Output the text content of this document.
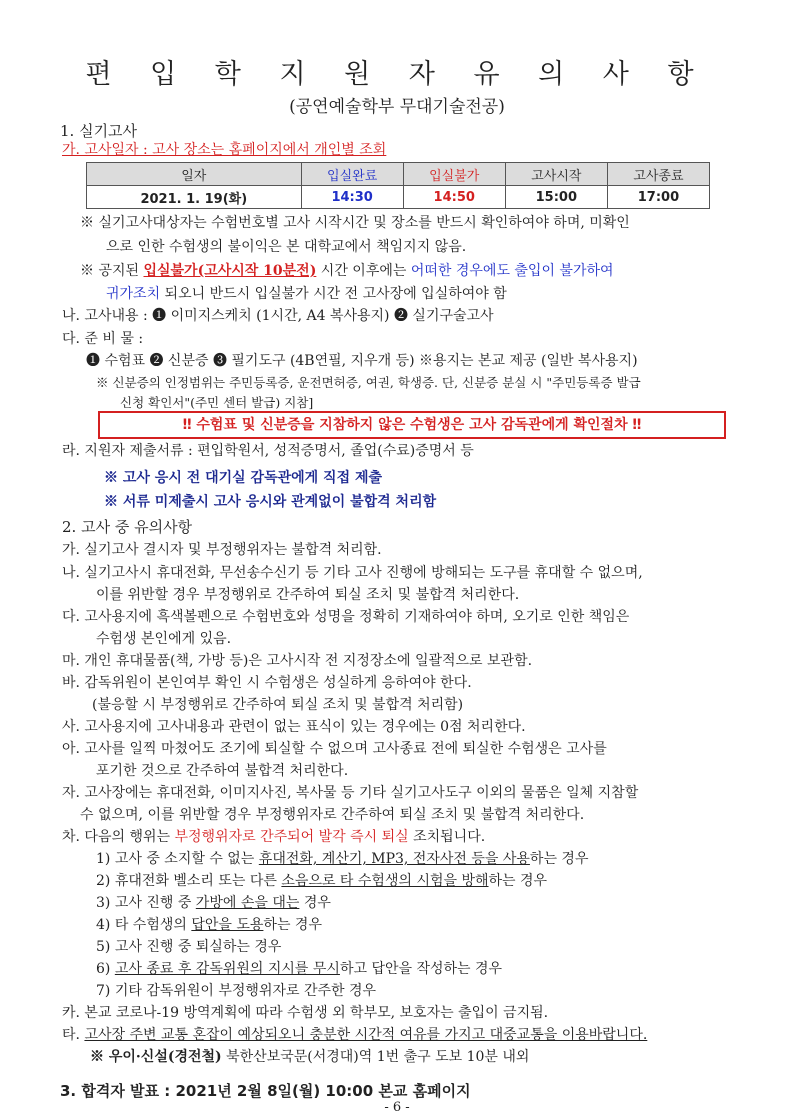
편 입 학 지 원 자 유 의 사 항
(공연예술학부 무대기술전공)
1. 실기고사
가. 고사일자 : 고사 장소는 홈페이지에서 개인별 조회
일자	입실완료	입실불가	고사시작	고사종료
2021. 1. 19(화)	14:30	14:50	15:00	17:00
※ 실기고사대상자는 수험번호별 고사 시작시간 및 장소를 반드시 확인하여야 하며, 미확인
으로 인한 수험생의 불이익은 본 대학교에서 책임지지 않음.
※ 공지된 입실불가(고사시작 10분전) 시간 이후에는 어떠한 경우에도 출입이 불가하여
귀가조치 되오니 반드시 입실불가 시간 전 고사장에 입실하여야 함
나. 고사내용 : ❶ 이미지스케치 (1시간, A4 복사용지) ❷ 실기구술고사
다. 준 비 물 :
❶ 수험표 ❷ 신분증 ❸ 필기도구 (4B연필, 지우개 등) ※용지는 본교 제공 (일반 복사용지)
※ 신분증의 인정범위는 주민등록증, 운전면허증, 여권, 학생증. 단, 신분증 분실 시 "주민등록증 발급
신청 확인서"(주민 센터 발급) 지참]
‼ 수험표 및 신분증을 지참하지 않은 수험생은 고사 감독관에게 확인절차 ‼
라. 지원자 제출서류 : 편입학원서, 성적증명서, 졸업(수료)증명서 등
※ 고사 응시 전 대기실 감독관에게 직접 제출
※ 서류 미제출시 고사 응시와 관계없이 불합격 처리함
2. 고사 중 유의사항
가. 실기고사 결시자 및 부정행위자는 불합격 처리함.
나. 실기고사시 휴대전화, 무선송수신기 등 기타 고사 진행에 방해되는 도구를 휴대할 수 없으며,
이를 위반할 경우 부정행위로 간주하여 퇴실 조치 및 불합격 처리한다.
다. 고사용지에 흑색볼펜으로 수험번호와 성명을 정확히 기재하여야 하며, 오기로 인한 책임은
수험생 본인에게 있음.
마. 개인 휴대물품(책, 가방 등)은 고사시작 전 지정장소에 일괄적으로 보관함.
바. 감독위원이 본인여부 확인 시 수험생은 성실하게 응하여야 한다.
(불응할 시 부정행위로 간주하여 퇴실 조치 및 불합격 처리함)
사. 고사용지에 고사내용과 관련이 없는 표식이 있는 경우에는 0점 처리한다.
아. 고사를 일찍 마쳤어도 조기에 퇴실할 수 없으며 고사종료 전에 퇴실한 수험생은 고사를
포기한 것으로 간주하여 불합격 처리한다.
자. 고사장에는 휴대전화, 이미지사진, 복사물 등 기타 실기고사도구 이외의 물품은 일체 지참할
수 없으며, 이를 위반할 경우 부정행위자로 간주하여 퇴실 조치 및 불합격 처리한다.
차. 다음의 행위는 부정행위자로 간주되어 발각 즉시 퇴실 조치됩니다.
1) 고사 중 소지할 수 없는 휴대전화, 계산기, MP3, 전자사전 등을 사용하는 경우
2) 휴대전화 벨소리 또는 다른 소음으로 타 수험생의 시험을 방해하는 경우
3) 고사 진행 중 가방에 손을 대는 경우
4) 타 수험생의 답안을 도용하는 경우
5) 고사 진행 중 퇴실하는 경우
6) 고사 종료 후 감독위원의 지시를 무시하고 답안을 작성하는 경우
7) 기타 감독위원이 부정행위자로 간주한 경우
카. 본교 코로나-19 방역계획에 따라 수험생 외 학부모, 보호자는 출입이 금지됨.
타. 고사장 주변 교통 혼잡이 예상되오니 충분한 시간적 여유를 가지고 대중교통을 이용바랍니다.
※ 우이·신설(경전철) 북한산보국문(서경대)역 1번 출구 도보 10분 내외
3. 합격자 발표 : 2021년 2월 8일(월) 10:00 본교 홈페이지
- 6 -
